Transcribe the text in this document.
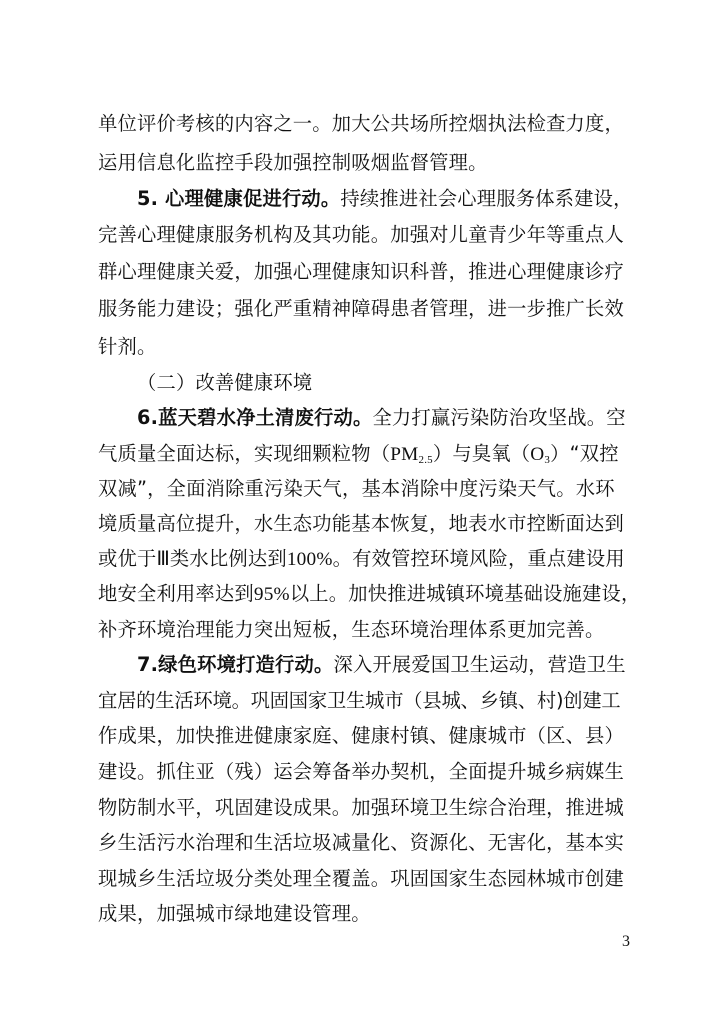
单位评价考核的内容之一。加大公共场所控烟执法检查力度，
运用信息化监控手段加强控制吸烟监督管理。
5. 心理健康促进行动。持续推进社会心理服务体系建设，
完善心理健康服务机构及其功能。加强对儿童青少年等重点人
群心理健康关爱，加强心理健康知识科普，推进心理健康诊疗
服务能力建设；强化严重精神障碍患者管理，进一步推广长效
针剂。
（二）改善健康环境
6.蓝天碧水净土清废行动。全力打赢污染防治攻坚战。空
气质量全面达标，实现细颗粒物$(PM_{2.5})$与臭氧$(O_3)“$双控
双减”，全面消除重污染天气，基本消除中度污染天气。水环
境质量高位提升，水生态功能基本恢复，地表水市控断面达到
或优于Ⅲ类水比例达到100%。有效管控环境风险，重点建设用
地安全利用率达到95%以上。加快推进城镇环境基础设施建设，
补齐环境治理能力突出短板，生态环境治理体系更加完善。
7.绿色环境打造行动。深入开展爱国卫生运动，营造卫生
宜居的生活环境。巩固国家卫生城市（县城、乡镇、村)创建工
作成果，加快推进健康家庭、健康村镇、健康城市（区、县）
建设。抓住亚（残）运会筹备举办契机，全面提升城乡病媒生
物防制水平，巩固建设成果。加强环境卫生综合治理，推进城
乡生活污水治理和生活垃圾减量化、资源化、无害化，基本实
现城乡生活垃圾分类处理全覆盖。巩固国家生态园林城市创建
成果，加强城市绿地建设管理。
3
